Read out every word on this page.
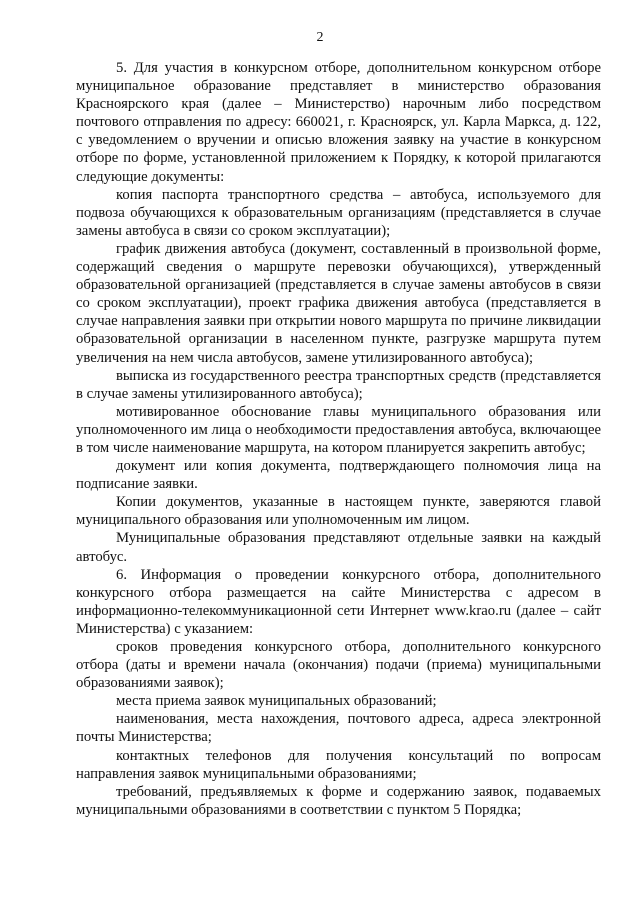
2

5. Для участия в конкурсном отборе, дополнительном конкурсном отборе муниципальное образование представляет в министерство образования Красноярского края (далее – Министерство) нарочным либо посредством почтового отправления по адресу: 660021, г. Красноярск, ул. Карла Маркса, д. 122, с уведомлением о вручении и описью вложения заявку на участие в конкурсном отборе по форме, установленной приложением к Порядку, к которой прилагаются следующие документы:

копия паспорта транспортного средства – автобуса, используемого для подвоза обучающихся к образовательным организациям (представляется в случае замены автобуса в связи со сроком эксплуатации);

график движения автобуса (документ, составленный в произвольной форме, содержащий сведения о маршруте перевозки обучающихся), утвержденный образовательной организацией (представляется в случае замены автобусов в связи со сроком эксплуатации), проект графика движения автобуса (представляется в случае направления заявки при открытии нового маршрута по причине ликвидации образовательной организации в населенном пункте, разгрузке маршрута путем увеличения на нем числа автобусов, замене утилизированного автобуса);

выписка из государственного реестра транспортных средств (представляется в случае замены утилизированного автобуса);

мотивированное обоснование главы муниципального образования или уполномоченного им лица о необходимости предоставления автобуса, включающее в том числе наименование маршрута, на котором планируется закрепить автобус;

документ или копия документа, подтверждающего полномочия лица на подписание заявки.

Копии документов, указанные в настоящем пункте, заверяются главой муниципального образования или уполномоченным им лицом.

Муниципальные образования представляют отдельные заявки на каждый автобус.

6. Информация о проведении конкурсного отбора, дополнительного конкурсного отбора размещается на сайте Министерства с адресом в информационно-телекоммуникационной сети Интернет www.krao.ru (далее – сайт Министерства) с указанием:

сроков проведения конкурсного отбора, дополнительного конкурсного отбора (даты и времени начала (окончания) подачи (приема) муниципальными образованиями заявок);

места приема заявок муниципальных образований;

наименования, места нахождения, почтового адреса, адреса электронной почты Министерства;

контактных телефонов для получения консультаций по вопросам направления заявок муниципальными образованиями;

требований, предъявляемых к форме и содержанию заявок, подаваемых муниципальными образованиями в соответствии с пунктом 5 Порядка;
